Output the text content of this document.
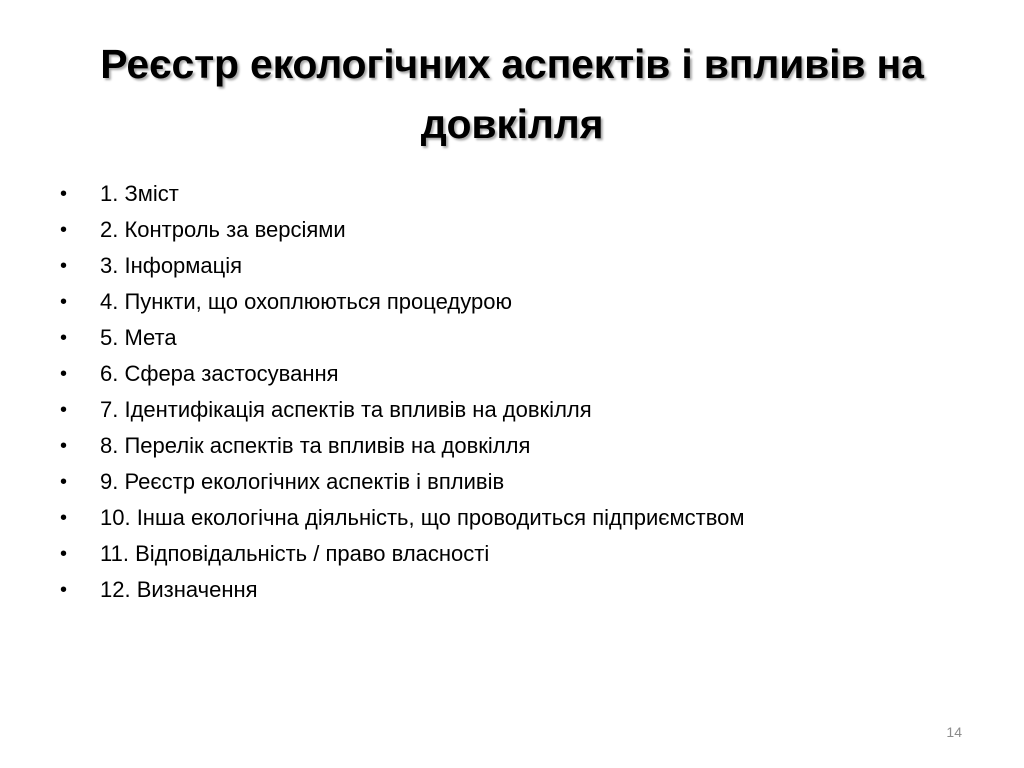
Реєстр екологічних аспектів і впливів на
довкілля
•	1. Зміст
•	2. Контроль за версіями
•	3. Інформація
•	4. Пункти, що охоплюються процедурою
•	5. Мета
•	6. Сфера застосування
•	7. Ідентифікація аспектів та впливів на довкілля
•	8. Перелік аспектів та впливів на довкілля
•	9. Реєстр екологічних аспектів і впливів
•	10. Інша екологічна діяльність, що проводиться підприємством
•	11. Відповідальність / право власності
•	12. Визначення
14
